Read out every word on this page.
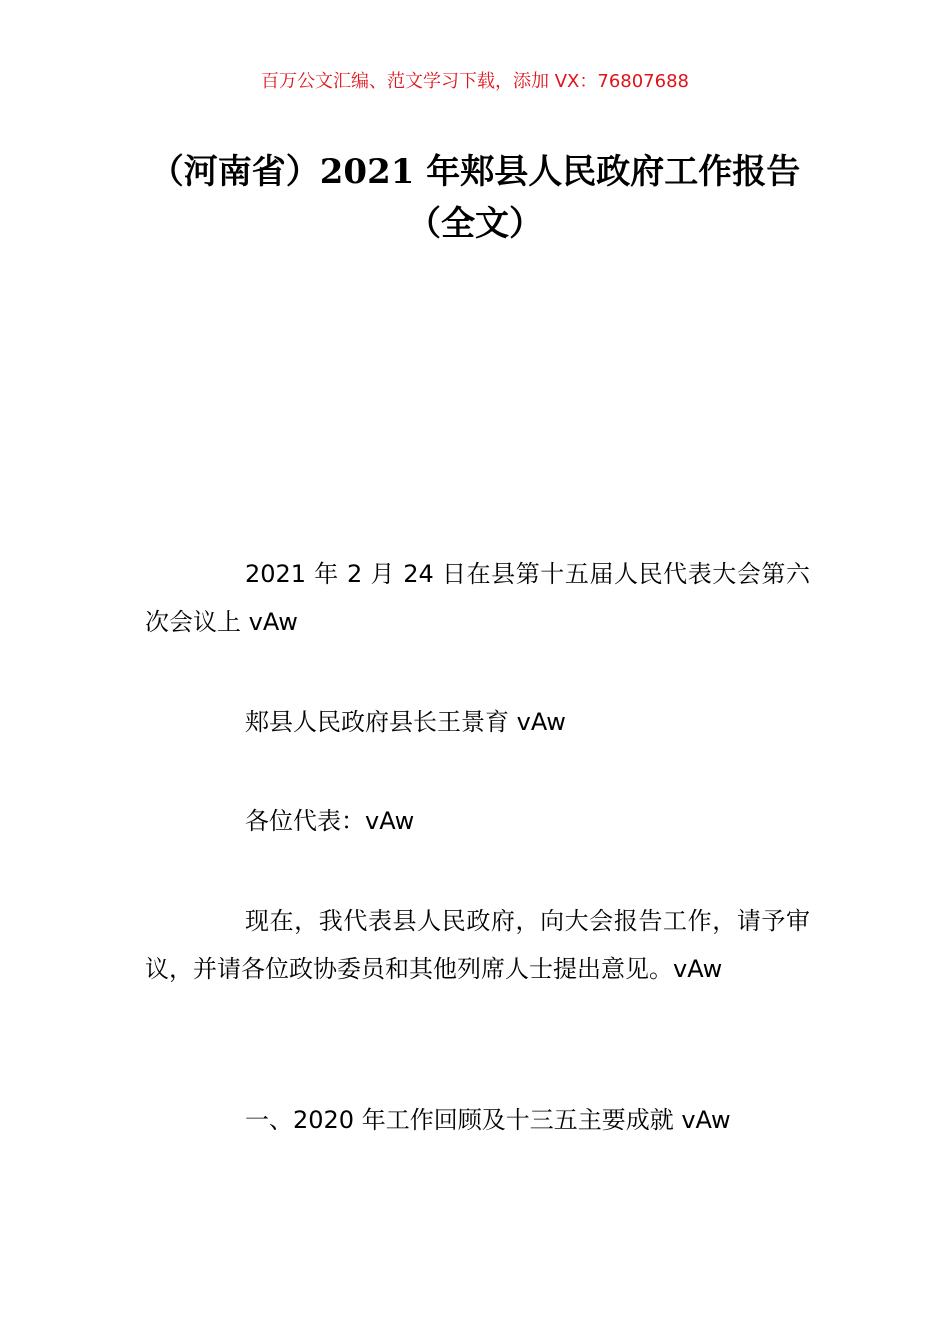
百万公文汇编、范文学习下载，添加 VX：76807688
（河南省）2021 年郏县人民政府工作报告（全文）

2021 年 2 月 24 日在县第十五届人民代表大会第六次会议上 vAw

郏县人民政府县长王景育 vAw

各位代表：vAw

现在，我代表县人民政府，向大会报告工作，请予审议，并请各位政协委员和其他列席人士提出意见。vAw

一、2020 年工作回顾及十三五主要成就 vAw
